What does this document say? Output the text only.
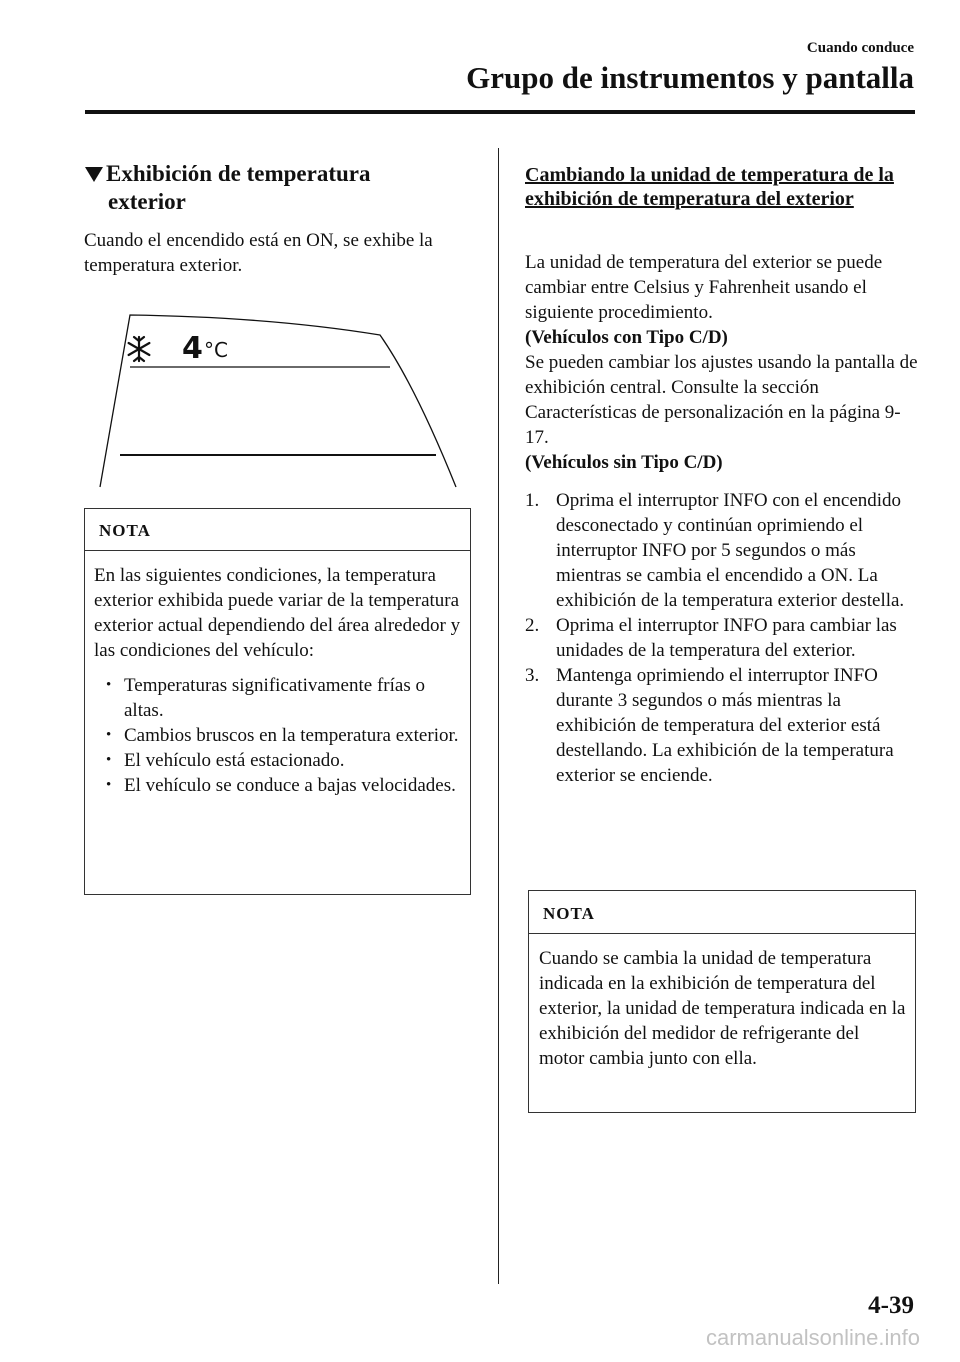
Cuando conduce
Grupo de instrumentos y pantalla
Exhibición de temperatura
exterior
Cuando el encendido está en ON, se exhibe la temperatura exterior.
4 °C
NOTA
En las siguientes condiciones, la temperatura exterior exhibida puede variar de la temperatura exterior actual dependiendo del área alrededor y las condiciones del vehículo:
• Temperaturas significativamente frías o altas.
• Cambios bruscos en la temperatura exterior.
• El vehículo está estacionado.
• El vehículo se conduce a bajas velocidades.
Cambiando la unidad de temperatura de la exhibición de temperatura del exterior
La unidad de temperatura del exterior se puede cambiar entre Celsius y Fahrenheit usando el siguiente procedimiento.
(Vehículos con Tipo C/D)
Se pueden cambiar los ajustes usando la pantalla de exhibición central. Consulte la sección Características de personalización en la página 9-17.
(Vehículos sin Tipo C/D)
1. Oprima el interruptor INFO con el encendido desconectado y continúan oprimiendo el interruptor INFO por 5 segundos o más mientras se cambia el encendido a ON. La exhibición de la temperatura exterior destella.
2. Oprima el interruptor INFO para cambiar las unidades de la temperatura del exterior.
3. Mantenga oprimiendo el interruptor INFO durante 3 segundos o más mientras la exhibición de temperatura del exterior está destellando. La exhibición de la temperatura exterior se enciende.
NOTA
Cuando se cambia la unidad de temperatura indicada en la exhibición de temperatura del exterior, la unidad de temperatura indicada en la exhibición del medidor de refrigerante del motor cambia junto con ella.
4-39
carmanualsonline.info
